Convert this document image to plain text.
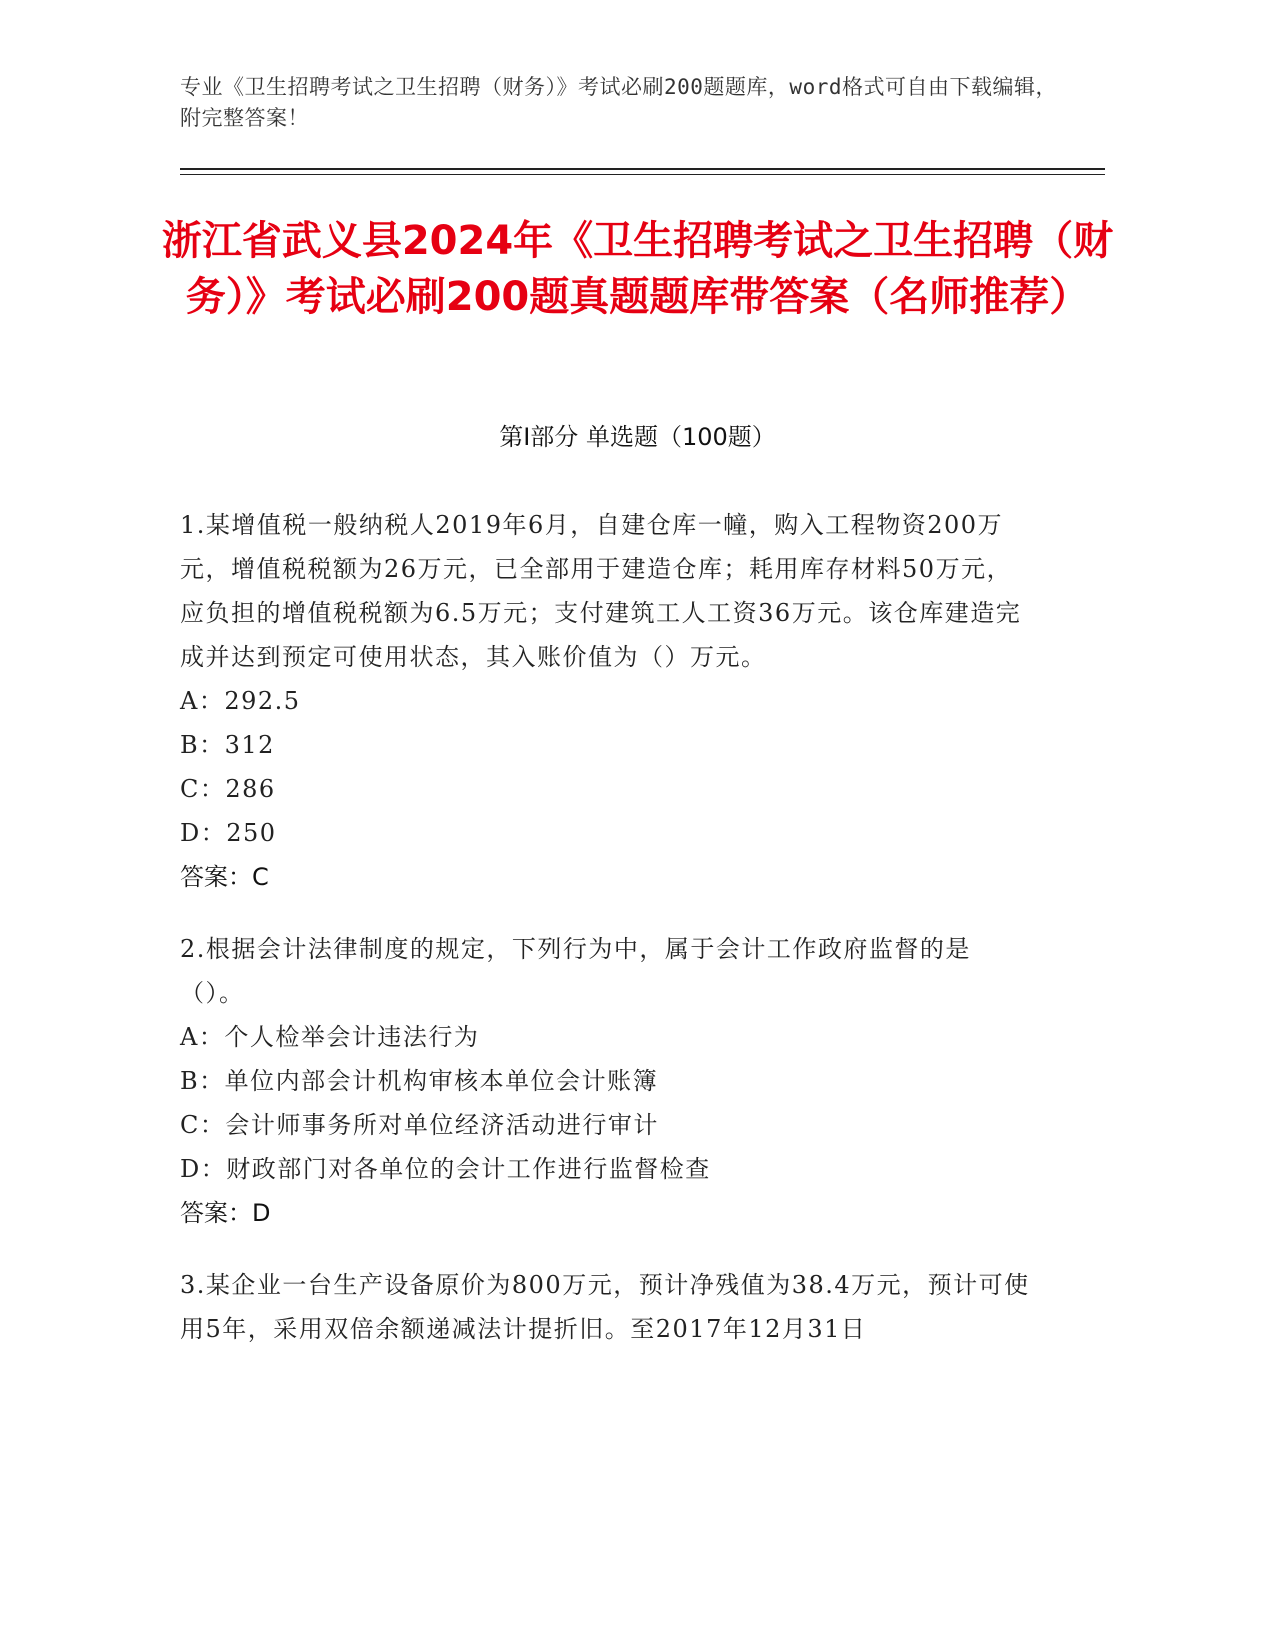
专业《卫生招聘考试之卫生招聘（财务）》考试必刷200题题库，word格式可自由下载编辑，附完整答案！
浙江省武义县2024年《卫生招聘考试之卫生招聘（财务）》考试必刷200题真题题库带答案（名师推荐）
第Ⅰ部分 单选题（100题）
1.某增值税一般纳税人2019年6月，自建仓库一幢，购入工程物资200万元，增值税税额为26万元，已全部用于建造仓库；耗用库存材料50万元，应负担的增值税税额为6.5万元；支付建筑工人工资36万元。该仓库建造完成并达到预定可使用状态，其入账价值为（）万元。
A：292.5
B：312
C：286
D：250
答案：C
2.根据会计法律制度的规定，下列行为中，属于会计工作政府监督的是（）。
A：个人检举会计违法行为
B：单位内部会计机构审核本单位会计账簿
C：会计师事务所对单位经济活动进行审计
D：财政部门对各单位的会计工作进行监督检查
答案：D
3.某企业一台生产设备原价为800万元，预计净残值为38.4万元，预计可使用5年，采用双倍余额递减法计提折旧。至2017年12月31日
